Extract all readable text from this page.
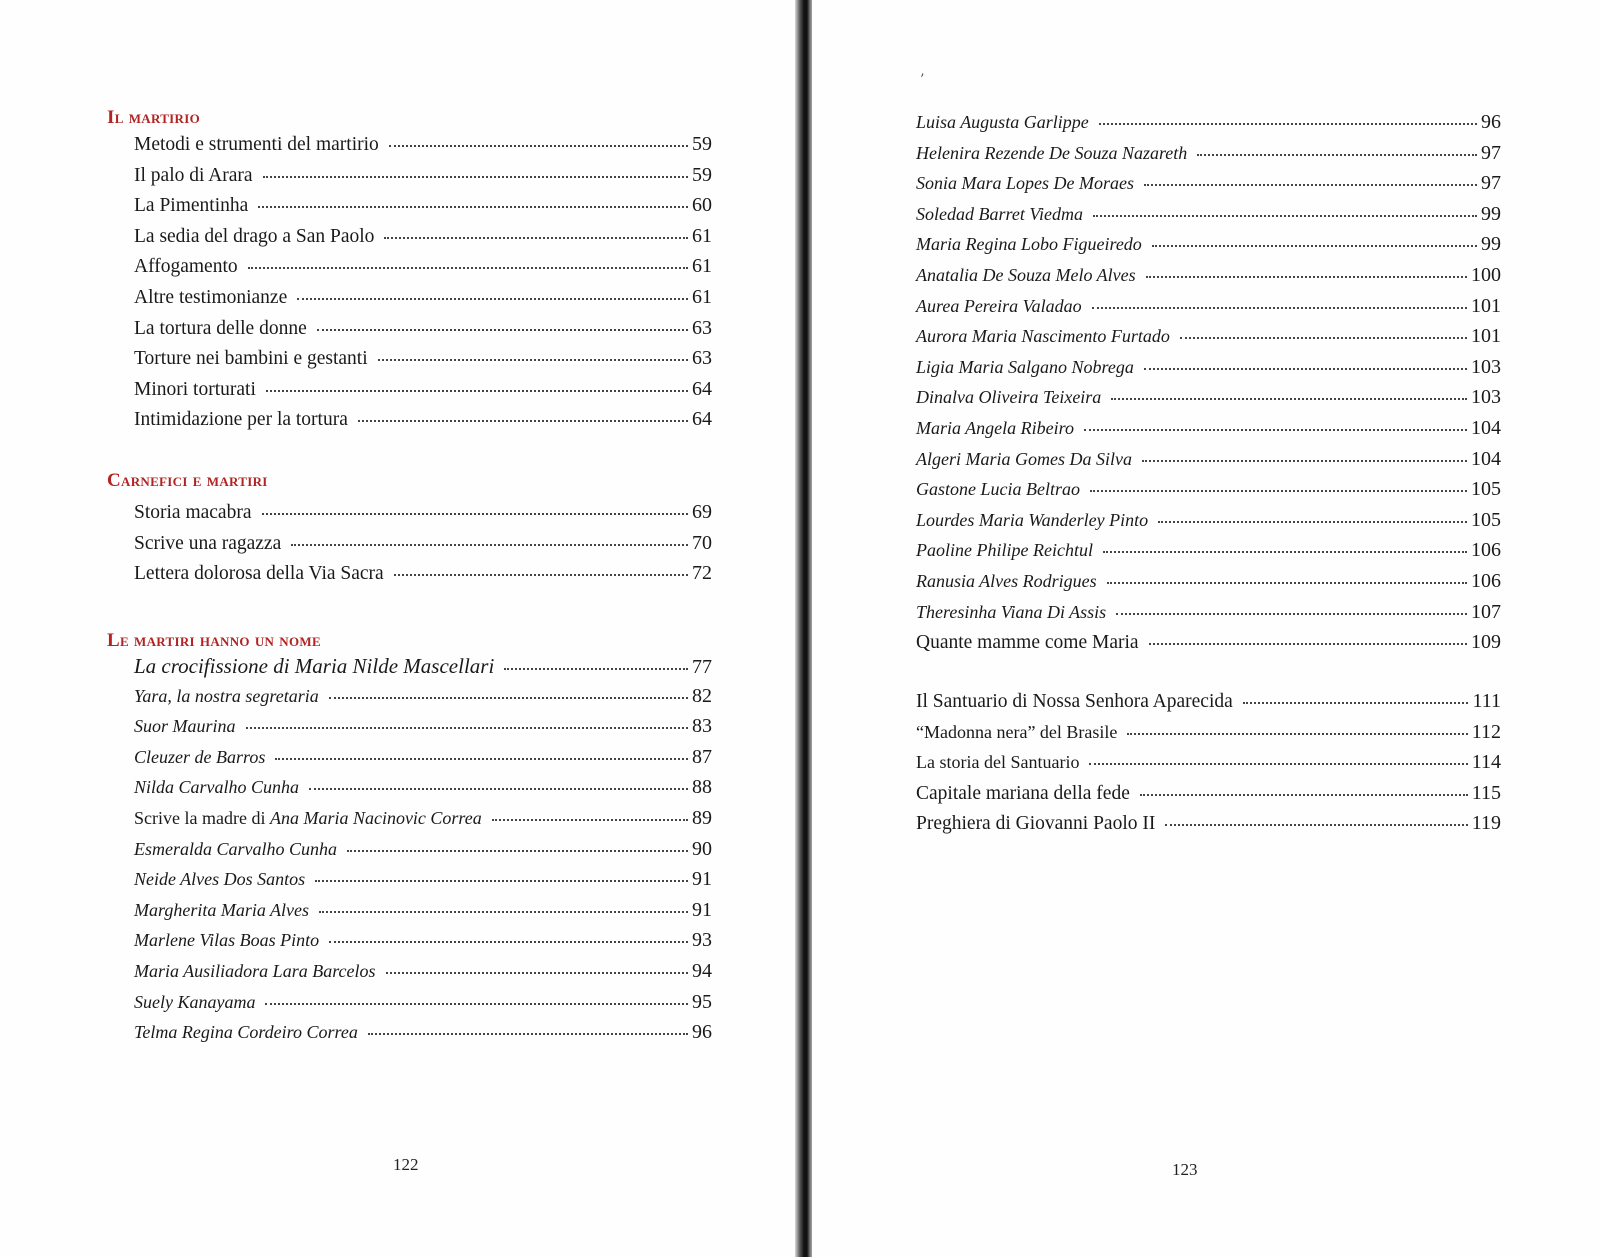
Il martirio
Metodi e strumenti del martirio	59
Il palo di Arara	59
La Pimentinha	60
La sedia del drago a San Paolo	61
Affogamento	61
Altre testimonianze	61
La tortura delle donne	63
Torture nei bambini e gestanti	63
Minori torturati	64
Intimidazione per la tortura	64
Carnefici e martiri
Storia macabra	69
Scrive una ragazza	70
Lettera dolorosa della Via Sacra	72
Le martiri hanno un nome
La crocifissione di Maria Nilde Mascellari	77
Yara, la nostra segretaria	82
Suor Maurina	83
Cleuzer de Barros	87
Nilda Carvalho Cunha	88
Scrive la madre di Ana Maria Nacinovic Correa	89
Esmeralda Carvalho Cunha	90
Neide Alves Dos Santos	91
Margherita Maria Alves	91
Marlene Vilas Boas Pinto	93
Maria Ausiliadora Lara Barcelos	94
Suely Kanayama	95
Telma Regina Cordeiro Correa	96
122
’
Luisa Augusta Garlippe	96
Helenira Rezende De Souza Nazareth	97
Sonia Mara Lopes De Moraes	97
Soledad Barret Viedma	99
Maria Regina Lobo Figueiredo	99
Anatalia De Souza Melo Alves	100
Aurea Pereira Valadao	101
Aurora Maria Nascimento Furtado	101
Ligia Maria Salgano Nobrega	103
Dinalva Oliveira Teixeira	103
Maria Angela Ribeiro	104
Algeri Maria Gomes Da Silva	104
Gastone Lucia Beltrao	105
Lourdes Maria Wanderley Pinto	105
Paoline Philipe Reichtul	106
Ranusia Alves Rodrigues	106
Theresinha Viana Di Assis	107
Quante mamme come Maria	109
Il Santuario di Nossa Senhora Aparecida	111
“Madonna nera” del Brasile	112
La storia del Santuario	114
Capitale mariana della fede	115
Preghiera di Giovanni Paolo II	119
123
